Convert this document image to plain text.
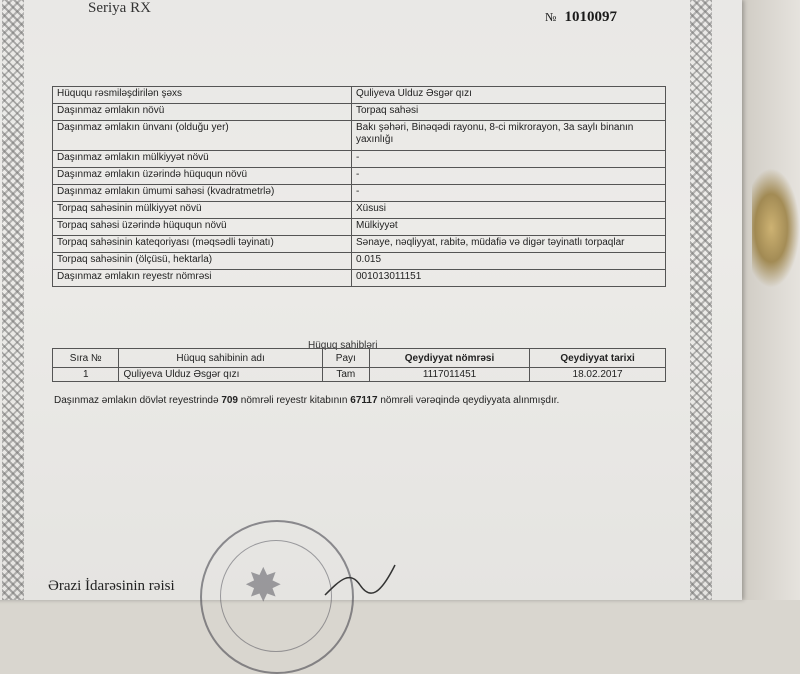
Seriya RX
№ 1010097
Hüququ rəsmiləşdirilən şəxs	Quliyeva Ulduz Əsgər qızı
Daşınmaz əmlakın növü	Torpaq sahəsi
Daşınmaz əmlakın ünvanı (olduğu yer)	Bakı şəhəri, Binəqədi rayonu, 8-ci mikrorayon, 3a saylı binanın yaxınlığı
Daşınmaz əmlakın mülkiyyət növü	-
Daşınmaz əmlakın üzərində hüququn növü	-
Daşınmaz əmlakın ümumi sahəsi (kvadratmetrlə)	-
Torpaq sahəsinin mülkiyyət növü	Xüsusi
Torpaq sahəsi üzərində hüququn növü	Mülkiyyət
Torpaq sahəsinin kateqoriyası (məqsədli təyinatı)	Sənaye, nəqliyyat, rabitə, müdafiə və digər təyinatlı torpaqlar
Torpaq sahəsinin (ölçüsü, hektarla)	0.015
Daşınmaz əmlakın reyestr nömrəsi	001013011151
Hüquq sahibləri
Sıra №	Hüquq sahibinin adı	Payı	Qeydiyyat nömrəsi	Qeydiyyat tarixi
1	Quliyeva Ulduz Əsgər qızı	Tam	1117011451	18.02.2017
Daşınmaz əmlakın dövlət reyestrində 709 nömrəli reyestr kitabının 67117 nömrəli vərəqində qeydiyyata alınmışdır.
✸
Ərazi İdarəsinin rəisi
